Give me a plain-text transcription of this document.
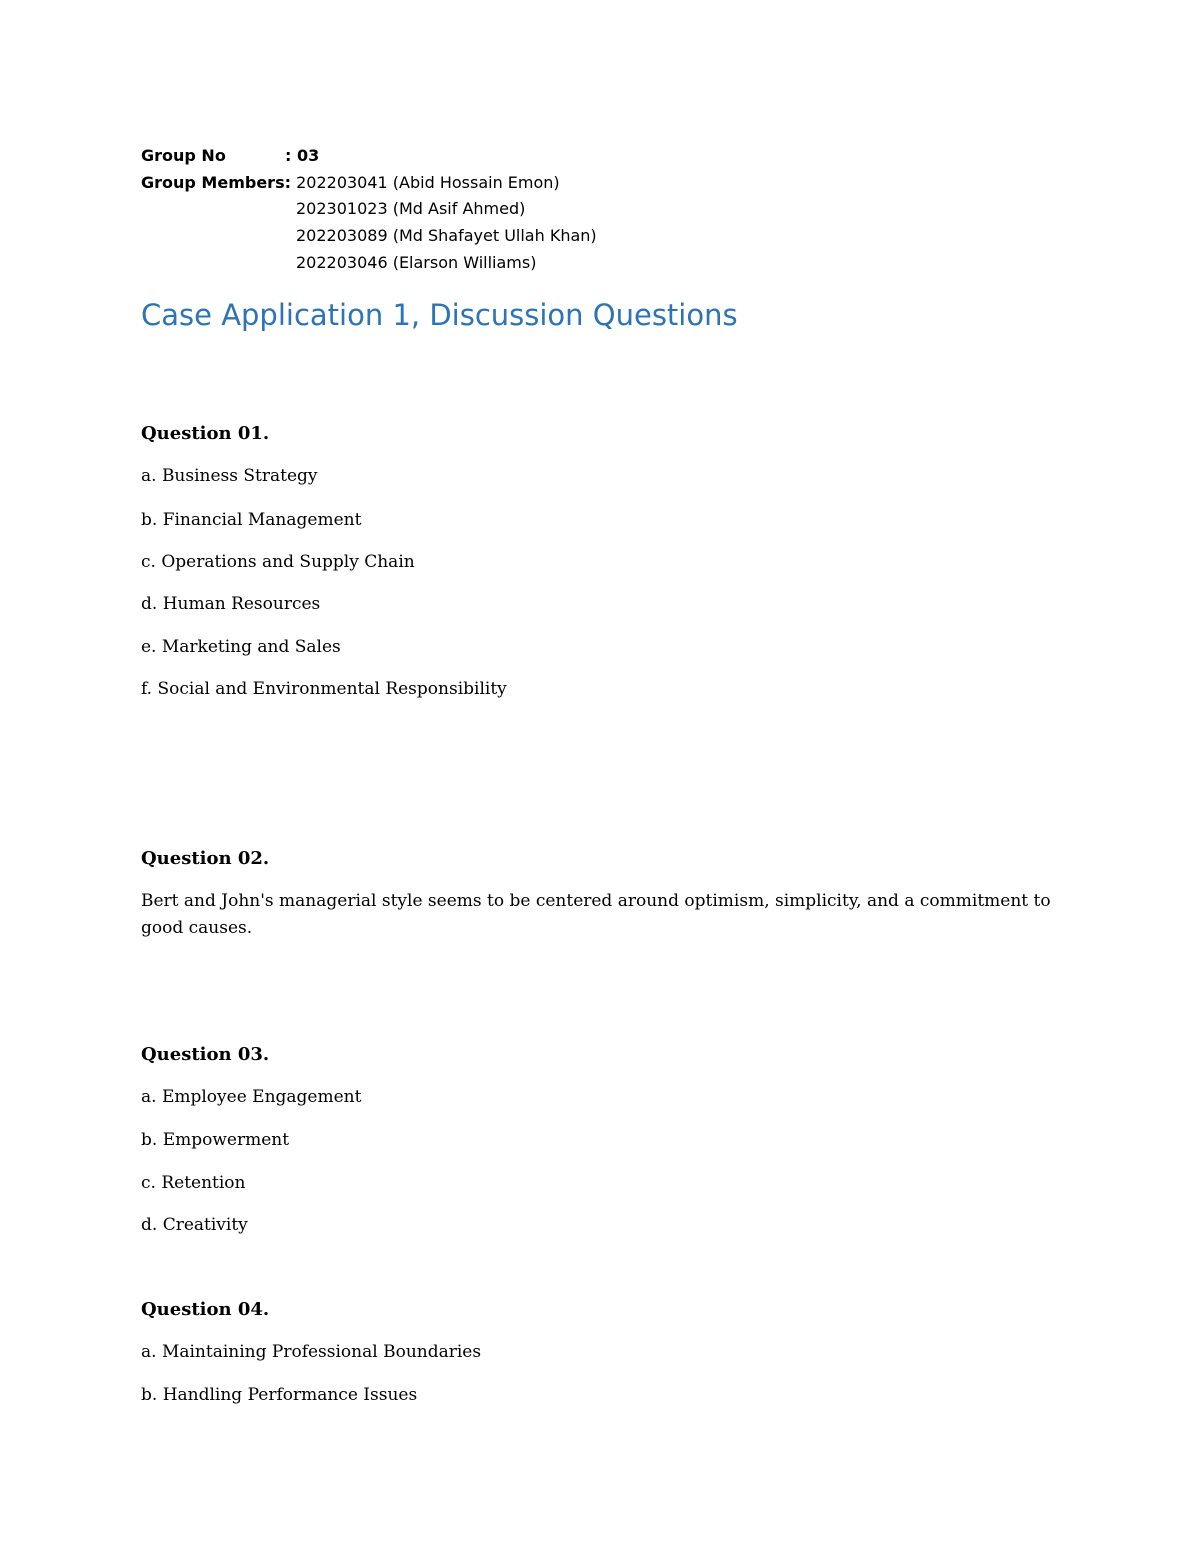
Group No	: 03
Group Members: 202203041 (Abid Hossain Emon)
202301023 (Md Asif Ahmed)
202203089 (Md Shafayet Ullah Khan)
202203046 (Elarson Williams)
Case Application 1, Discussion Questions
Question 01.
a. Business Strategy
b. Financial Management
c. Operations and Supply Chain
d. Human Resources
e. Marketing and Sales
f. Social and Environmental Responsibility
Question 02.
Bert and John's managerial style seems to be centered around optimism, simplicity, and a commitment to good causes.
Question 03.
a. Employee Engagement
b. Empowerment
c. Retention
d. Creativity
Question 04.
a. Maintaining Professional Boundaries
b. Handling Performance Issues
